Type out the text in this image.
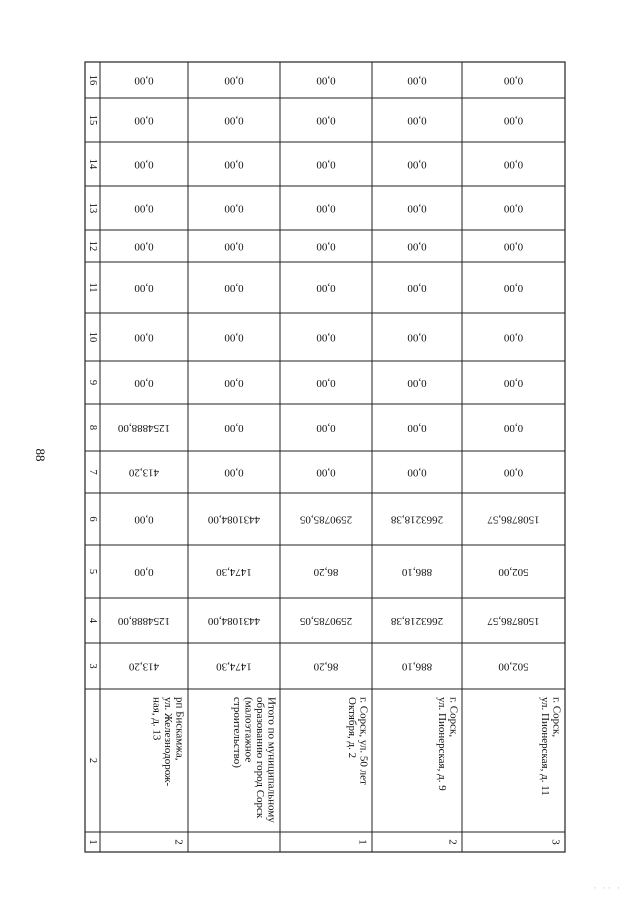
88
16
15
14
13
12
11
10
9
8
7
6
5
4
3
2
1
413,20
1254888,00
0,00
0,00
413,20
1254888,00
0,00
0,00
0,00
0,00
0,00
0,00
0,00
0,00
рп Бискамжа,
ул. Железнодорож-
ная, д. 13
2
1474,30
4431084,00
1474,30
4431084,00
0,00
0,00
0,00
0,00
0,00
0,00
0,00
0,00
0,00
0,00
Итого по муниципальному
образованию город Сорск
(малоэтажное
строительство)
86,20
2590785,05
86,20
2590785,05
0,00
0,00
0,00
0,00
0,00
0,00
0,00
0,00
0,00
0,00
г. Сорск, ул. 50 лет
Октября, д. 2
1
886,10
2663218,38
886,10
2663218,38
0,00
0,00
0,00
0,00
0,00
0,00
0,00
0,00
0,00
0,00
г. Сорск,
ул. Пионерская, д. 9
2
502,00
1508786,57
502,00
1508786,57
0,00
0,00
0,00
0,00
0,00
0,00
0,00
0,00
0,00
0,00
г. Сорск,
ул. Пионерская, д. 11
3
· ·· ·
